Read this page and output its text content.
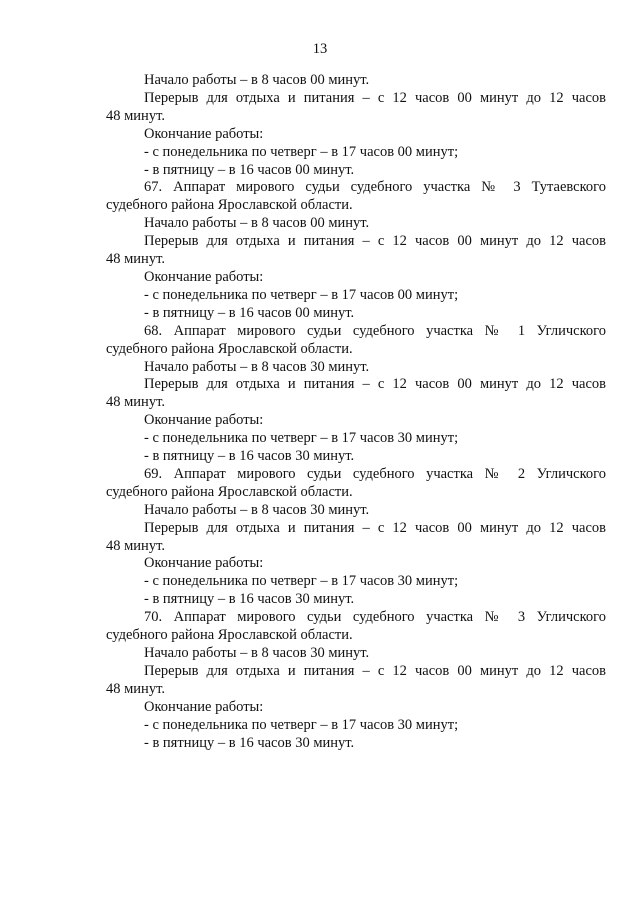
13

Начало работы – в 8 часов 00 минут.

Перерыв для отдыха и питания – с 12 часов 00 минут до 12 часов

48 минут.

Окончание работы:

- с понедельника по четверг – в 17 часов 00 минут;

- в пятницу – в 16 часов 00 минут.

67. Аппарат мирового судьи судебного участка № 3 Тутаевского

судебного района Ярославской области.

Начало работы – в 8 часов 00 минут.

Перерыв для отдыха и питания – с 12 часов 00 минут до 12 часов

48 минут.

Окончание работы:

- с понедельника по четверг – в 17 часов 00 минут;

- в пятницу – в 16 часов 00 минут.

68. Аппарат мирового судьи судебного участка № 1 Угличского

судебного района Ярославской области.

Начало работы – в 8 часов 30 минут.

Перерыв для отдыха и питания – с 12 часов 00 минут до 12 часов

48 минут.

Окончание работы:

- с понедельника по четверг – в 17 часов 30 минут;

- в пятницу – в 16 часов 30 минут.

69. Аппарат мирового судьи судебного участка № 2 Угличского

судебного района Ярославской области.

Начало работы – в 8 часов 30 минут.

Перерыв для отдыха и питания – с 12 часов 00 минут до 12 часов

48 минут.

Окончание работы:

- с понедельника по четверг – в 17 часов 30 минут;

- в пятницу – в 16 часов 30 минут.

70. Аппарат мирового судьи судебного участка № 3 Угличского

судебного района Ярославской области.

Начало работы – в 8 часов 30 минут.

Перерыв для отдыха и питания – с 12 часов 00 минут до 12 часов

48 минут.

Окончание работы:

- с понедельника по четверг – в 17 часов 30 минут;

- в пятницу – в 16 часов 30 минут.
